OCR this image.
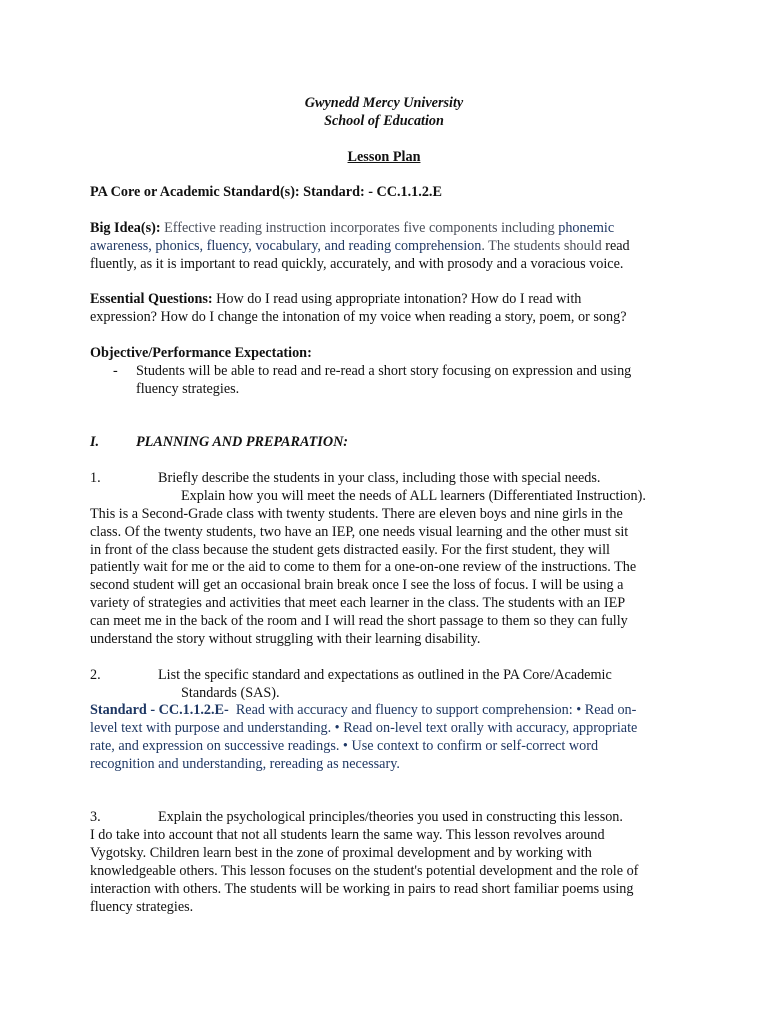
Gwynedd Mercy University
School of Education
Lesson Plan
PA Core or Academic Standard(s): Standard: - CC.1.1.2.E
Big Idea(s): Effective reading instruction incorporates five components including phonemic
awareness, phonics, fluency, vocabulary, and reading comprehension. The students should read
fluently, as it is important to read quickly, accurately, and with prosody and a voracious voice.
Essential Questions: How do I read using appropriate intonation? How do I read with
expression? How do I change the intonation of my voice when reading a story, poem, or song?
Objective/Performance Expectation:
- Students will be able to read and re-read a short story focusing on expression and using
fluency strategies.
I.	PLANNING AND PREPARATION:
1.	Briefly describe the students in your class, including those with special needs.
Explain how you will meet the needs of ALL learners (Differentiated Instruction).
This is a Second-Grade class with twenty students. There are eleven boys and nine girls in the
class. Of the twenty students, two have an IEP, one needs visual learning and the other must sit
in front of the class because the student gets distracted easily. For the first student, they will
patiently wait for me or the aid to come to them for a one-on-one review of the instructions. The
second student will get an occasional brain break once I see the loss of focus. I will be using a
variety of strategies and activities that meet each learner in the class. The students with an IEP
can meet me in the back of the room and I will read the short passage to them so they can fully
understand the story without struggling with their learning disability.
2.	List the specific standard and expectations as outlined in the PA Core/Academic
Standards (SAS).
Standard - CC.1.1.2.E- Read with accuracy and fluency to support comprehension: • Read on-
level text with purpose and understanding. • Read on-level text orally with accuracy, appropriate
rate, and expression on successive readings. • Use context to confirm or self-correct word
recognition and understanding, rereading as necessary.
3.	Explain the psychological principles/theories you used in constructing this lesson.
I do take into account that not all students learn the same way. This lesson revolves around
Vygotsky. Children learn best in the zone of proximal development and by working with
knowledgeable others. This lesson focuses on the student's potential development and the role of
interaction with others. The students will be working in pairs to read short familiar poems using
fluency strategies.
